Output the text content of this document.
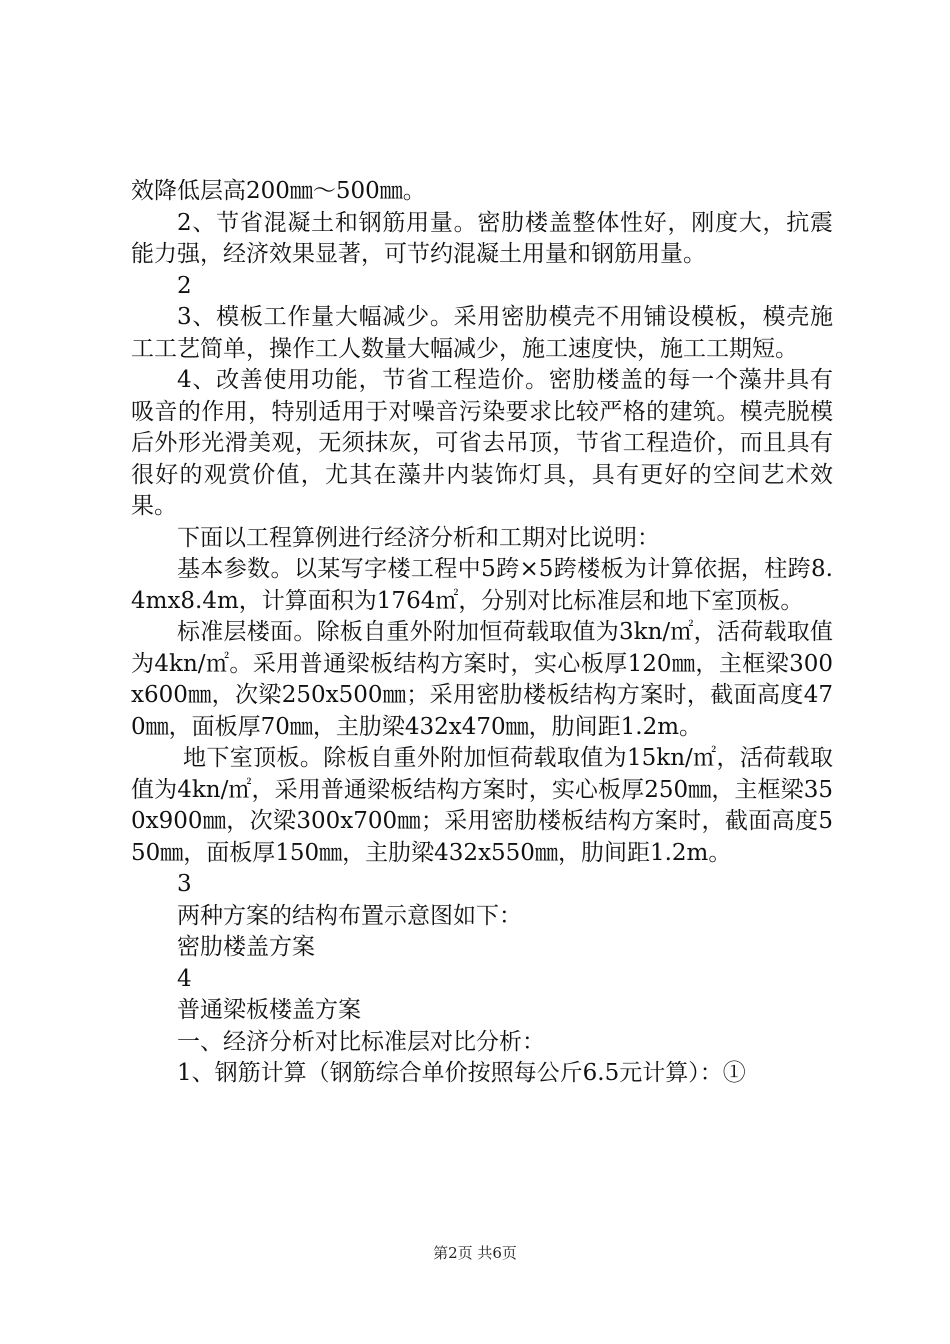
效降低层高200㎜～500㎜。

2、节省混凝土和钢筋用量。密肋楼盖整体性好，刚度大，抗震能力强，经济效果显著，可节约混凝土用量和钢筋用量。

2

3、模板工作量大幅减少。采用密肋模壳不用铺设模板，模壳施工工艺简单，操作工人数量大幅减少，施工速度快，施工工期短。

4、改善使用功能，节省工程造价。密肋楼盖的每一个藻井具有吸音的作用，特别适用于对噪音污染要求比较严格的建筑。模壳脱模后外形光滑美观，无须抹灰，可省去吊顶，节省工程造价，而且具有很好的观赏价值，尤其在藻井内装饰灯具，具有更好的空间艺术效果。

下面以工程算例进行经济分析和工期对比说明：

基本参数。以某写字楼工程中5跨×5跨楼板为计算依据，柱跨8.4mx8.4m，计算面积为1764㎡，分别对比标准层和地下室顶板。

标准层楼面。除板自重外附加恒荷载取值为3kn/㎡，活荷载取值为4kn/㎡。采用普通梁板结构方案时，实心板厚120㎜，主框梁300x600㎜，次梁250x500㎜；采用密肋楼板结构方案时，截面高度470㎜，面板厚70㎜，主肋梁432x470㎜，肋间距1.2m。

地下室顶板。除板自重外附加恒荷载取值为15kn/㎡，活荷载取值为4kn/㎡，采用普通梁板结构方案时，实心板厚250㎜，主框梁350x900㎜，次梁300x700㎜；采用密肋楼板结构方案时，截面高度550㎜，面板厚150㎜，主肋梁432x550㎜，肋间距1.2m。

3

两种方案的结构布置示意图如下：

密肋楼盖方案

4

普通梁板楼盖方案

一、经济分析对比标准层对比分析：

1、钢筋计算（钢筋综合单价按照每公斤6.5元计算）：①

第2页 共6页
